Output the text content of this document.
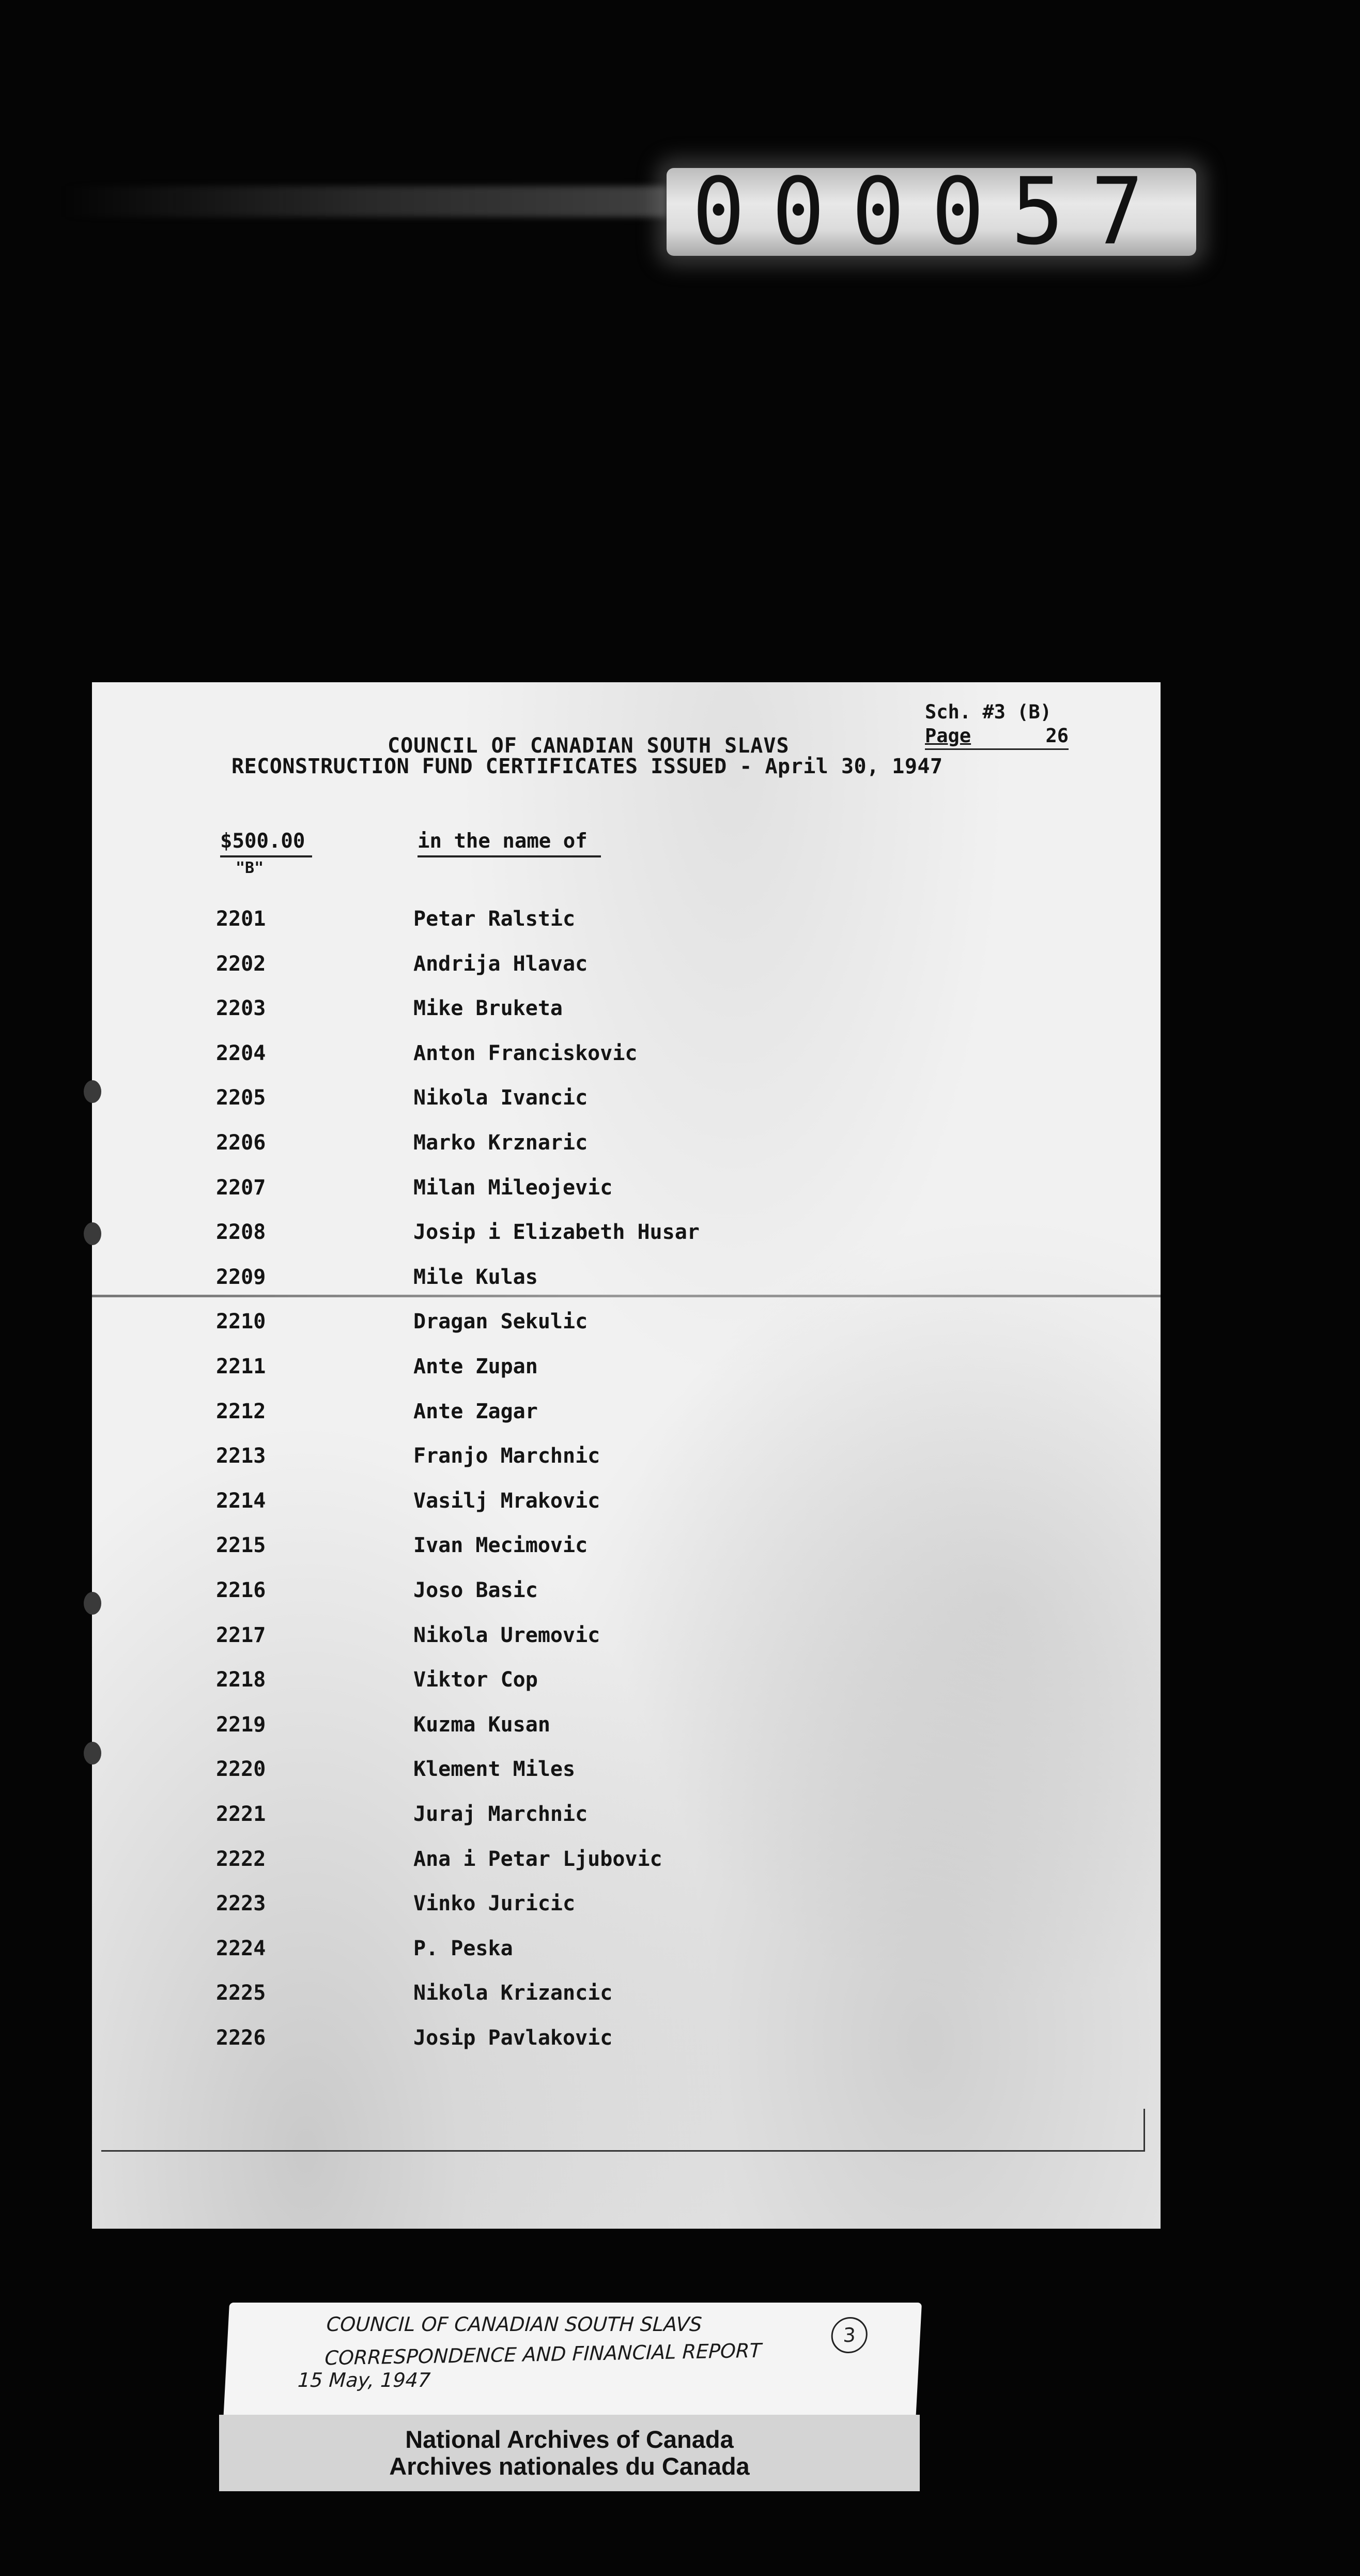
000057
Sch. #3 (B)
Page	26
COUNCIL OF CANADIAN SOUTH SLAVS
RECONSTRUCTION FUND CERTIFICATES ISSUED - April 30, 1947
$500.00
"B"
in the name of
2201	Petar Ralstic
2202	Andrija Hlavac
2203	Mike Bruketa
2204	Anton Franciskovic
2205	Nikola Ivancic
2206	Marko Krznaric
2207	Milan Mileojevic
2208	Josip i Elizabeth Husar
2209	Mile Kulas
2210	Dragan Sekulic
2211	Ante Zupan
2212	Ante Zagar
2213	Franjo Marchnic
2214	Vasilj Mrakovic
2215	Ivan Mecimovic
2216	Joso Basic
2217	Nikola Uremovic
2218	Viktor Cop
2219	Kuzma Kusan
2220	Klement Miles
2221	Juraj Marchnic
2222	Ana i Petar Ljubovic
2223	Vinko Juricic
2224	P. Peska
2225	Nikola Krizancic
2226	Josip Pavlakovic
COUNCIL OF CANADIAN SOUTH SLAVS
CORRESPONDENCE AND FINANCIAL REPORT
15 May, 1947
3
National Archives of Canada
Archives nationales du Canada
